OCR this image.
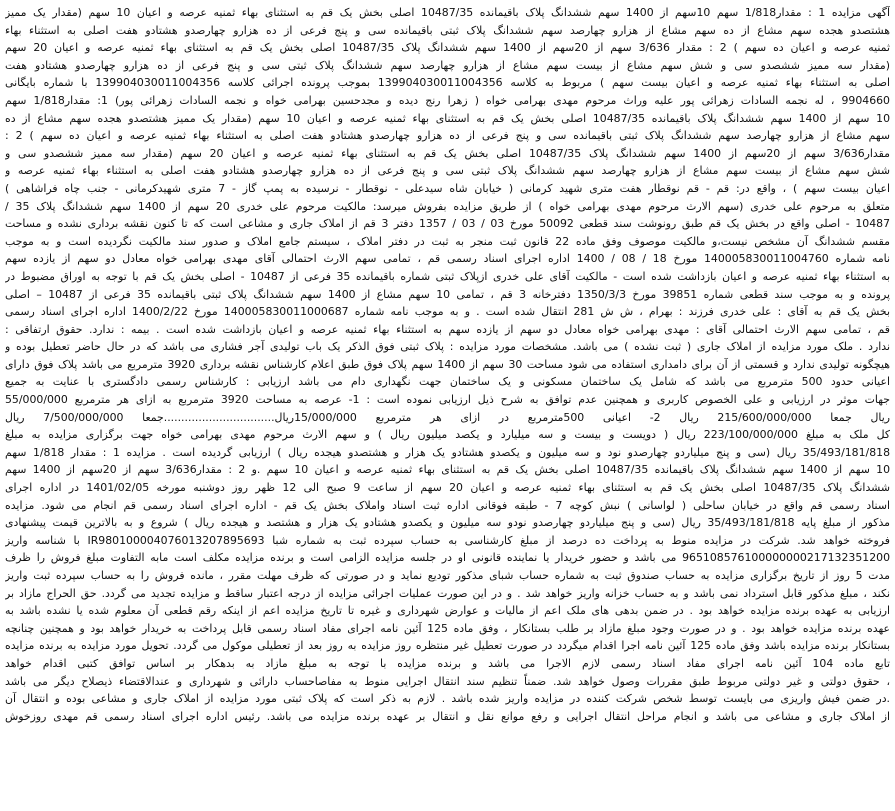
آگهی مزایده 1 : مقدار1/818 سهم 10سهم از 1400 سهم ششدانگ پلاک باقیمانده 10487/35 اصلی بخش یک قم به استثنای بهاء ثمنیه عرصه و اعیان 10 سهم (مقدار یک ممیز
هشتصدو هجده سهم مشاع از ده سهم مشاع از هزارو چهارصد سهم ششدانگ پلاک ثبتی باقیمانده سی و پنج فرعی از ده هزارو چهارصدو هشتادو هفت اصلی به استثناء بهاء
ثمنیه عرصه و اعیان ده سهم ) 2 : مقدار 3/636 سهم از 20سهم از 1400 سهم ششدانگ پلاک 10487/35 اصلی بخش یک قم به استثنای بهاء ثمنیه عرصه و اعیان 20 سهم
(مقدار سه ممیز ششصدو سی و شش سهم مشاع از بیست سهم مشاع از هزارو چهارصد سهم ششدانگ پلاک ثبتی سی و پنج فرعی از ده هزارو چهارصدو هشتادو هفت
اصلی به استثناء بهاء ثمنیه عرصه و اعیان بیست سهم ) مربوط به کلاسه 139904030011004356 بموجب پرونده اجرائی کلاسه 139904030011004356 با شماره بایگانی
9904660 ، له نجمه السادات زهرائی پور علیه وراث مرحوم مهدی بهرامی خواه ( زهرا رنج دیده و مجدحسین بهرامی خواه و نجمه السادات زهرائی پور) 1: مقدار1/818 سهم
10 سهم از 1400 سهم ششدانگ پلاک باقیمانده 10487/35 اصلی بخش یک قم به استثنای بهاء ثمنیه عرصه و اعیان 10 سهم (مقدار یک ممیز هشتصدو هجده سهم مشاع از ده
سهم مشاع از هزارو چهارصد سهم ششدانگ پلاک ثبتی باقیمانده سی و پنج فرعی از ده هزارو چهارصدو هشتادو هفت اصلی به استثناء بهاء ثمنیه عرصه و اعیان ده سهم ) 2 :
مقدار3/636 سهم از 20سهم از 1400 سهم ششدانگ پلاک 10487/35 اصلی بخش یک قم به استثنای بهاء ثمنیه عرصه و اعیان 20 سهم (مقدار سه ممیز ششصدو سی و
شش سهم مشاع از بیست سهم مشاع از هزارو چهارصد سهم ششدانگ پلاک ثبتی سی و پنج فرعی از ده هزارو چهارصدو هشتادو هفت اصلی به استثناء بهاء ثمنیه عرصه و
اعیان بیست سهم ) ، واقع در: قم - قم نوقطار هفت متری شهید کرمانی ( خیابان شاه سیدعلی - نوقطار - نرسیده به پمپ گاز - 7 متری شهیدکرمانی - جنب چاه فراشاهی )
متعلق به مرحوم علی خدری (سهم الارث مرحوم مهدی بهرامی خواه ) از طریق مزایده بفروش میرسد: مالکیت مرحوم علی خدری 20 سهم از 1400 سهم ششدانگ پلاک 35 /
10487 - اصلی واقع در بخش یک قم طبق رونوشت سند قطعی 50092 مورخ 03 / 03 / 1357 دفتر 3 قم از املاک جاری و مشاعی است که تا کنون نقشه برداری نشده و مساحت
مقسم ششدانگ آن مشخص نیست،و مالکیت موصوف وفق ماده 22 قانون ثبت منجر به ثبت در دفتر املاک ، سیستم جامع املاک و صدور سند مالکیت نگردیده است و به موجب
نامه شماره 140005830011004760 مورخ 18 / 08 / 1400 اداره اجرای اسناد رسمی قم ، تمامی سهم الارث احتمالی آقای مهدی بهرامی خواه معادل دو سهم از یازده سهم
به استثناء بهاء ثمنیه عرصه و اعیان بازداشت شده است - مالکیت آقای علی خدری ازپلاک ثبتی شماره باقیمانده 35 فرعی از 10487 - اصلی بخش یک قم با توجه به اوراق مضبوط در
پرونده و به موجب سند قطعی شماره 39851 مورخ 1350/3/3 دفترخانه 3 قم ، تمامی 10 سهم مشاع از 1400 سهم ششدانگ پلاک ثبتی باقیمانده 35 فرعی از 10487 – اصلی
بخش یک قم به آقای : علی خدری فرزند : بهرام ، ش ش 281 انتقال شده است . و به موجب نامه شماره 140005830011000687 مورخ 1400/2/22 اداره اجرای اسناد رسمی
قم ، تمامی سهم الارث احتمالی آقای : مهدی بهرامی خواه معادل دو سهم از یازده سهم به استثناء بهاء ثمنیه عرصه و اعیان بازداشت شده است . بیمه : ندارد. حقوق ارتفاقی :
ندارد . ملک مورد مزایده از املاک جاری ( ثبت نشده ) می باشد. مشخصات مورد مزایده : پلاک ثبتی فوق الذکر یک باب تولیدی آجر فشاری می باشد که در حال حاضر تعطیل بوده و
هیچگونه تولیدی ندارد و قسمتی از آن برای دامداری استفاده می شود مساحت 30 سهم از 1400 سهم پلاک فوق طبق اعلام کارشناس نقشه برداری 3920 مترمربع می باشد پلاک فوق دارای
اعیانی حدود 500 مترمربع می باشد که شامل یک ساختمان مسکونی و یک ساختمان جهت نگهداری دام می باشد ارزیابی : کارشناس رسمی دادگستری با عنایت به جمیع
جهات موثر در ارزیابی و علی الخصوص کاربری و همچنین عدم توافق به شرح ذیل ارزیابی نموده است : 1- عرصه به مساحت 3920 مترمربع به ازای هر مترمربع 55/000/000
ریال جمعا 215/600/000/000 ریال 2- اعیانی 500مترمربع در ازای هر مترمربع 15/000/000ریال................................جمعا 7/500/000/000 ریال
کل ملک به مبلغ 223/100/000/000 ریال ( دویست و بیست و سه میلیارد و یکصد میلیون ریال ) و سهم الارث مرحوم مهدی بهرامی خواه جهت برگزاری مزایده به مبلغ
35/493/181/818 ریال (سی و پنج میلیاردو چهارصدو نود و سه میلیون و یکصدو هشتادو یک هزار و هشتصدو هیجده ریال ) ارزیابی گردیده است . مزایده 1 : مقدار 1/818 سهم
10 سهم از 1400 سهم ششدانگ پلاک باقیمانده 10487/35 اصلی بخش یک قم به استثنای بهاء ثمنیه عرصه و اعیان 10 سهم .و 2 : مقدار3/636 سهم از 20سهم از 1400 سهم
ششدانگ پلاک 10487/35 اصلی بخش یک قم به استثنای بهاء ثمنیه عرصه و اعیان 20 سهم از ساعت 9 صبح الی 12 ظهر روز دوشنبه مورخه 1401/02/05 در اداره اجرای
اسناد رسمی قم واقع در خیابان ساحلی ( لواسانی ) نبش کوچه 7 - طبقه فوقانی اداره ثبت اسناد واملاک بخش یک قم - اداره اجرای اسناد رسمی قم انجام می شود. مزایده
مذکور از مبلغ پایه 35/493/181/818 ریال (سی و پنج میلیاردو چهارصدو نودو سه میلیون و یکصدو هشتادو یک هزار و هشتصد و هیجده ریال ) شروع و به بالاترین قیمت پیشنهادی
فروخته خواهد شد. شرکت در مزایده منوط به پرداخت ده درصد از مبلغ کارشناسی به حساب سپرده ثبت به شماره شبا IR980100004076013207895693 با شناسه واریز
965108576100000000217132351200 می باشد و حضور خریدار یا نماینده قانونی او در جلسه مزایده الزامی است و برنده مزایده مکلف است مابه التفاوت مبلغ فروش را ظرف
مدت 5 روز از تاریخ برگزاری مزایده به حساب صندوق ثبت به شماره حساب شبای مذکور تودیع نماید و در صورتی که ظرف مهلت مقرر ، مانده فروش را به حساب سپرده ثبت واریز
نکند ، مبلغ مذکور قابل استرداد نمی باشد و به حساب خزانه واریز خواهد شد . و در این صورت عملیات اجرائی مزایده از درجه اعتبار ساقط و مزایده تجدید می گردد. حق الحراج مازاد بر
ارزیابی به عهده برنده مزایده خواهد بود . در ضمن بدهی های ملک اعم از مالیات و عوارض شهرداری و غیره تا تاریخ مزایده اعم از اینکه رقم قطعی آن معلوم شده یا نشده باشد به
عهده برنده مزایده خواهد بود . و در صورت وجود مبلغ مازاد بر طلب بستانکار ، وفق ماده 125 آئین نامه اجرای مفاد اسناد رسمی قابل پرداخت به خریدار خواهد بود و همچنین چنانچه
بستانکار برنده مزایده باشد وفق ماده 125 آئین نامه اجرا اقدام میگردد در صورت تعطیل غیر منتظره روز مزایده به روز بعد از تعطیلی موکول می گردد. تحویل مورد مزایده به برنده مزایده
تابع ماده 104 آئین نامه اجرای مفاد اسناد رسمی لازم الاجرا می باشد و برنده مزایده با توجه به مبلغ مازاد به بدهکار بر اساس توافق کتبی اقدام خواهد
، حقوق دولتی و غیر دولتی مربوط طبق مقررات وصول خواهد شد. ضمناً تنظیم سند انتقال اجرایی منوط به مفاصاحساب دارائی و شهرداری و عندالاقتضاء ذیصلاح دیگر می باشد
.در ضمن فیش واریزی می بایست توسط شخص شرکت کننده در مزایده واریز شده باشد . لازم به ذکر است که پلاک ثبتی مورد مزایده از املاک جاری و مشاعی بوده و انتقال آن
از املاک جاری و مشاعی می باشد و انجام مراحل انتقال اجرایی و رفع موانع نقل و انتقال بر عهده برنده مزایده می باشد. رئیس اداره اجرای اسناد رسمی قم مهدی روزخوش
